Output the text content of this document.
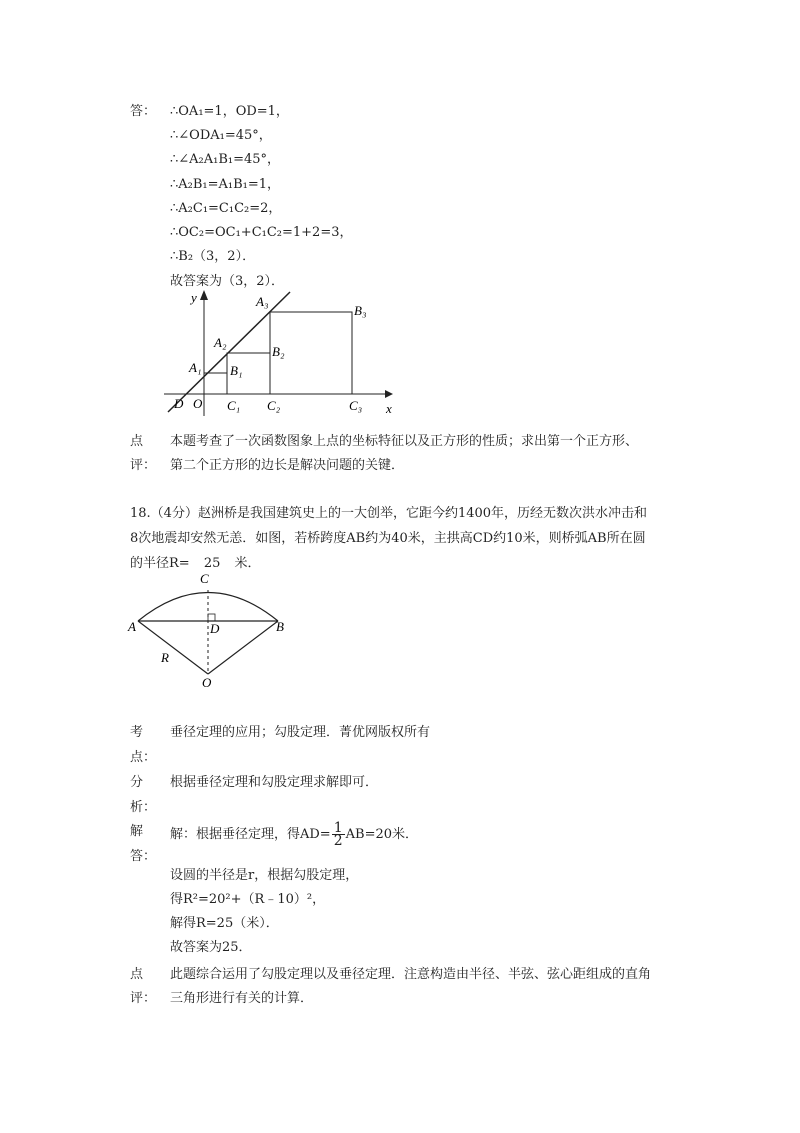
答：	∴OA₁=1，OD=1，
∴∠ODA₁=45°，
∴∠A₂A₁B₁=45°，
∴A₂B₁=A₁B₁=1，
∴A₂C₁=C₁C₂=2，
∴OC₂=OC₁+C₁C₂=1+2=3，
∴B₂（3，2）．
故答案为（3，2）．
y
x
D O
A₁
A₂
A₃
B₁
B₂
B₃
C₁ C₂	C₃
点
评：
本题考查了一次函数图象上点的坐标特征以及正方形的性质；求出第一个正方形、
第二个正方形的边长是解决问题的关键．
18.（4分）赵洲桥是我国建筑史上的一大创举，它距今约1400年，历经无数次洪水冲击和
8次地震却安然无恙．如图，若桥跨度AB约为40米，主拱高CD约10米，则桥弧AB所在圆
的半径R= 25 米．
C
A	B
D
O
R
考
点：
垂径定理的应用；勾股定理．菁优网版权所有
分
析：
根据垂径定理和勾股定理求解即可．
解
答：
解：根据垂径定理，得$AD= \frac{1}{2} AB=20$米．
设圆的半径是r，根据勾股定理，
得R²=20²+（R﹣10）²，
解得R=25（米）．
故答案为25．
点
评：
此题综合运用了勾股定理以及垂径定理．注意构造由半径、半弦、弦心距组成的直角
三角形进行有关的计算．
